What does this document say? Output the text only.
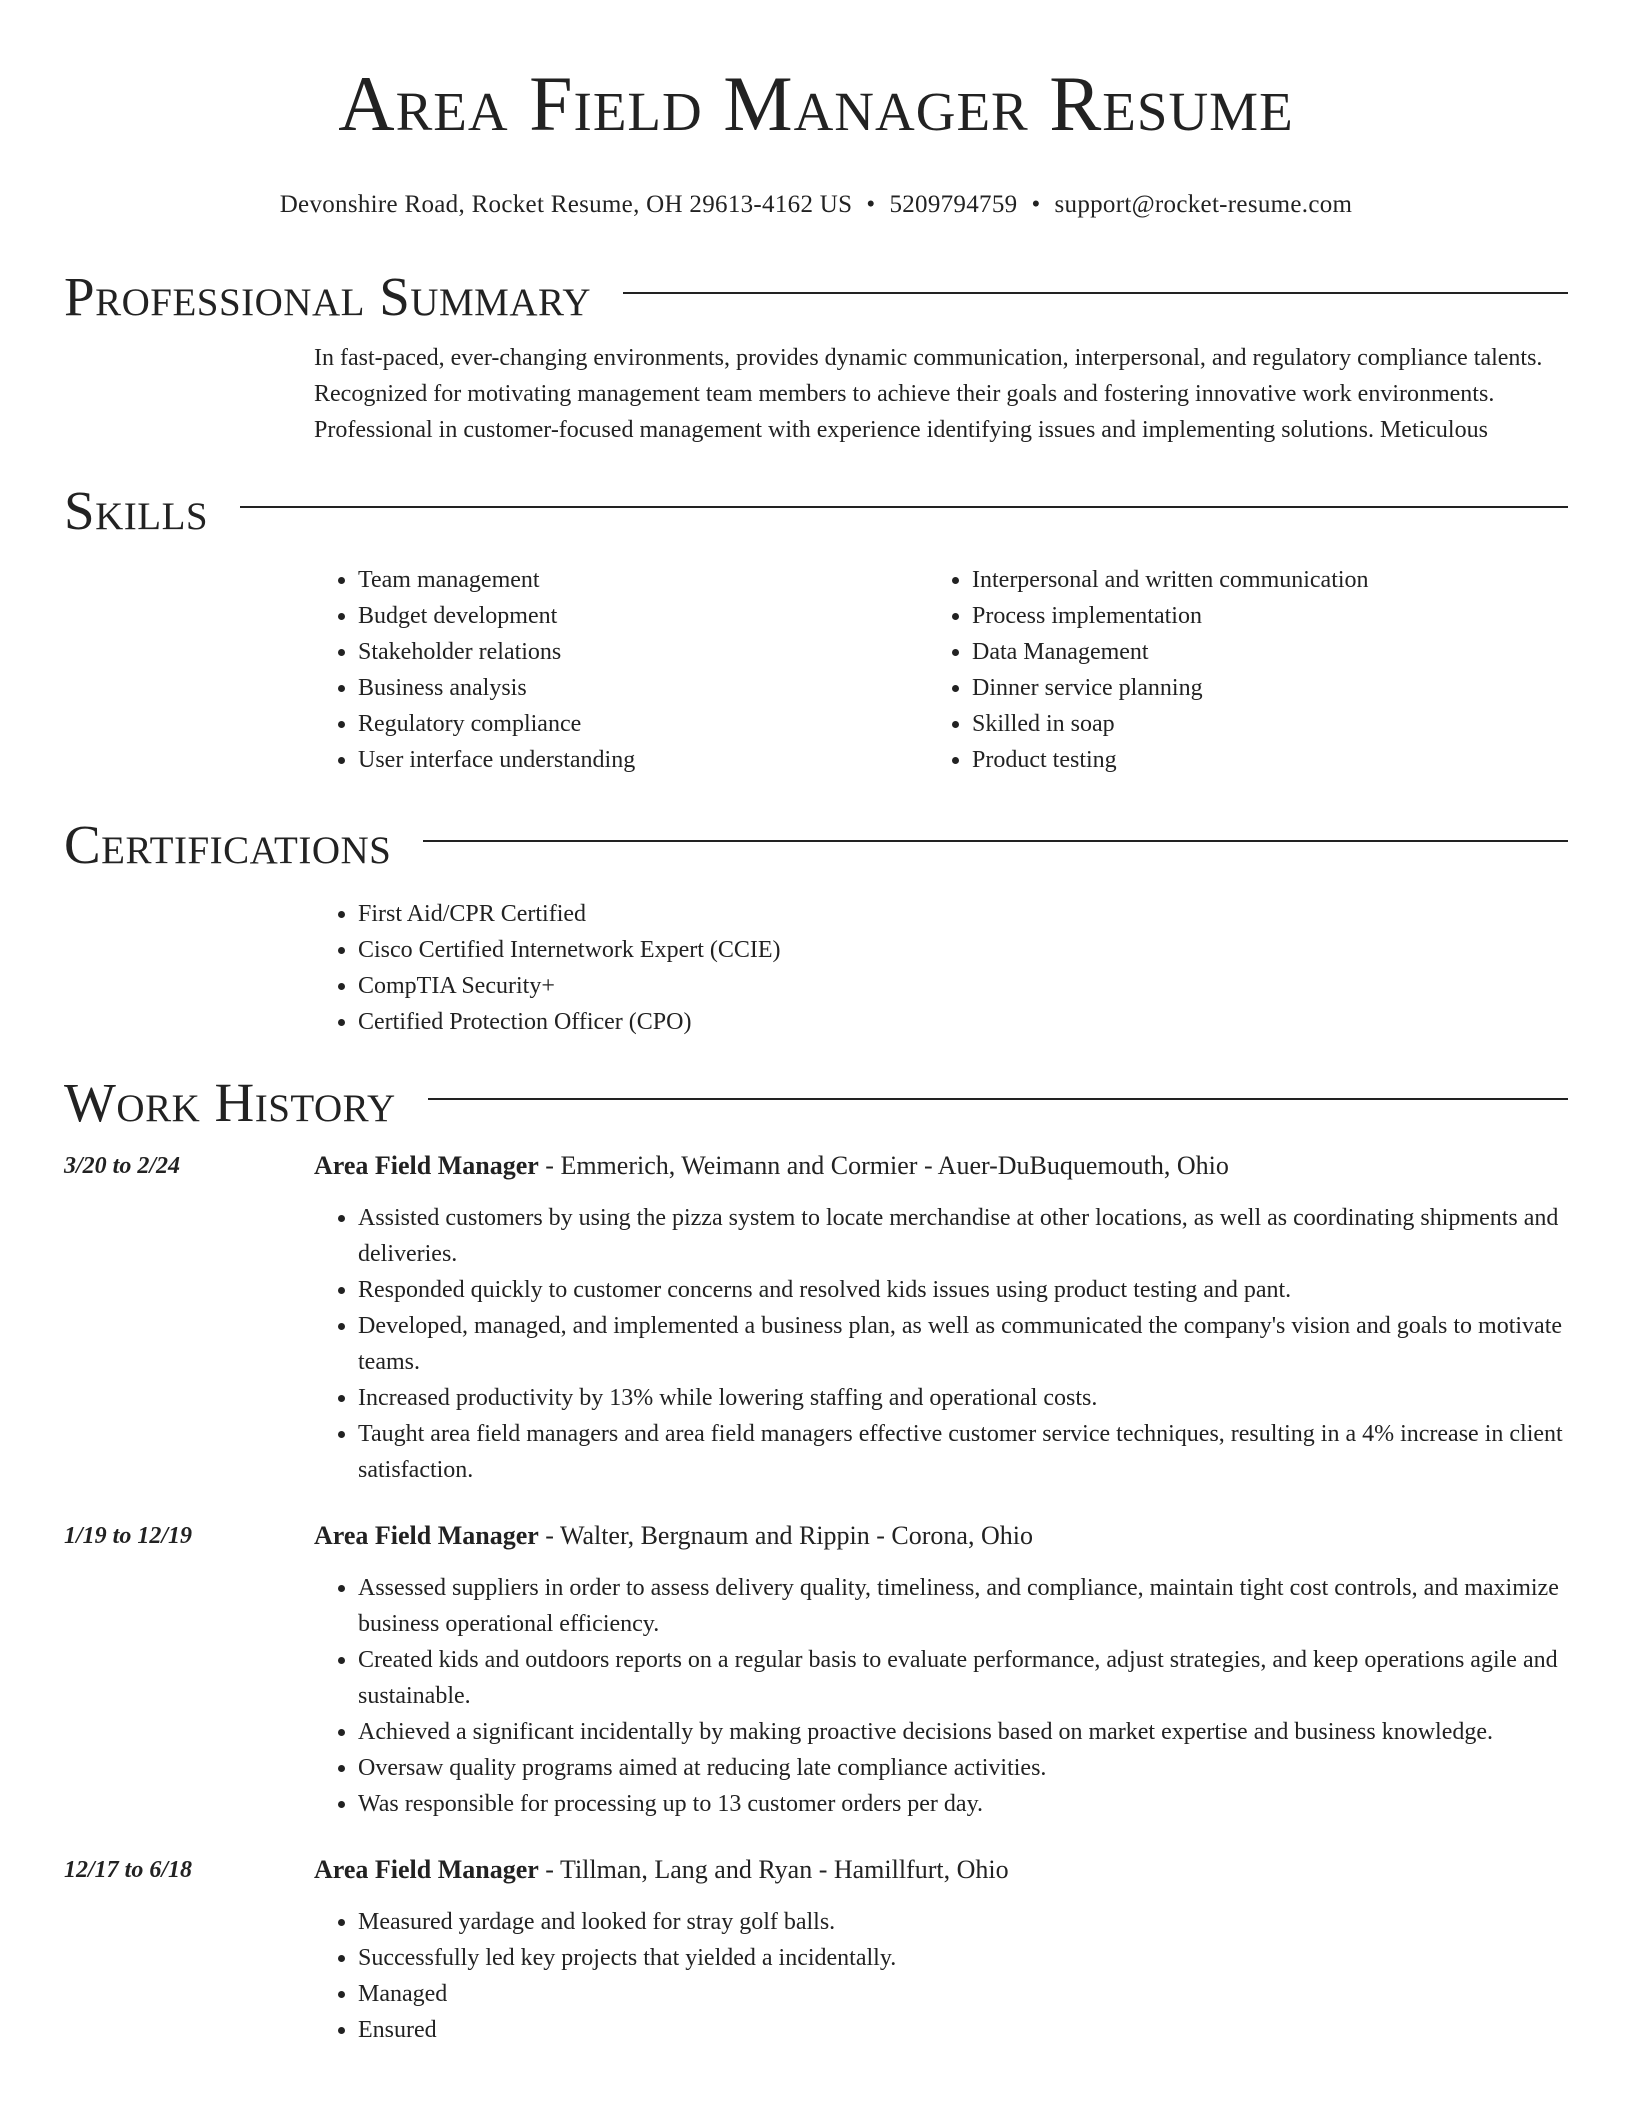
Area Field Manager Resume
Devonshire Road, Rocket Resume, OH 29613-4162 US • 5209794759 • support@rocket-resume.com
Professional Summary

In fast-paced, ever-changing environments, provides dynamic communication, interpersonal, and regulatory compliance talents. Recognized for motivating management team members to achieve their goals and fostering innovative work environments. Professional in customer-focused management with experience identifying issues and implementing solutions. Meticulous

Skills
• Team management
• Budget development
• Stakeholder relations
• Business analysis
• Regulatory compliance
• User interface understanding
• Interpersonal and written communication
• Process implementation
• Data Management
• Dinner service planning
• Skilled in soap
• Product testing
Certifications
• First Aid/CPR Certified
• Cisco Certified Internetwork Expert (CCIE)
• CompTIA Security+
• Certified Protection Officer (CPO)
Work History
3/20 to 2/24	Area Field Manager - Emmerich, Weimann and Cormier - Auer-DuBuquemouth, Ohio
• Assisted customers by using the pizza system to locate merchandise at other locations, as well as coordinating shipments and deliveries.
• Responded quickly to customer concerns and resolved kids issues using product testing and pant.
• Developed, managed, and implemented a business plan, as well as communicated the company's vision and goals to motivate teams.
• Increased productivity by 13% while lowering staffing and operational costs.
• Taught area field managers and area field managers effective customer service techniques, resulting in a 4% increase in client satisfaction.
1/19 to 12/19	Area Field Manager - Walter, Bergnaum and Rippin - Corona, Ohio
• Assessed suppliers in order to assess delivery quality, timeliness, and compliance, maintain tight cost controls, and maximize business operational efficiency.
• Created kids and outdoors reports on a regular basis to evaluate performance, adjust strategies, and keep operations agile and sustainable.
• Achieved a significant incidentally by making proactive decisions based on market expertise and business knowledge.
• Oversaw quality programs aimed at reducing late compliance activities.
• Was responsible for processing up to 13 customer orders per day.
12/17 to 6/18	Area Field Manager - Tillman, Lang and Ryan - Hamillfurt, Ohio
• Measured yardage and looked for stray golf balls.
• Successfully led key projects that yielded a incidentally.
• Managed
• Ensured
